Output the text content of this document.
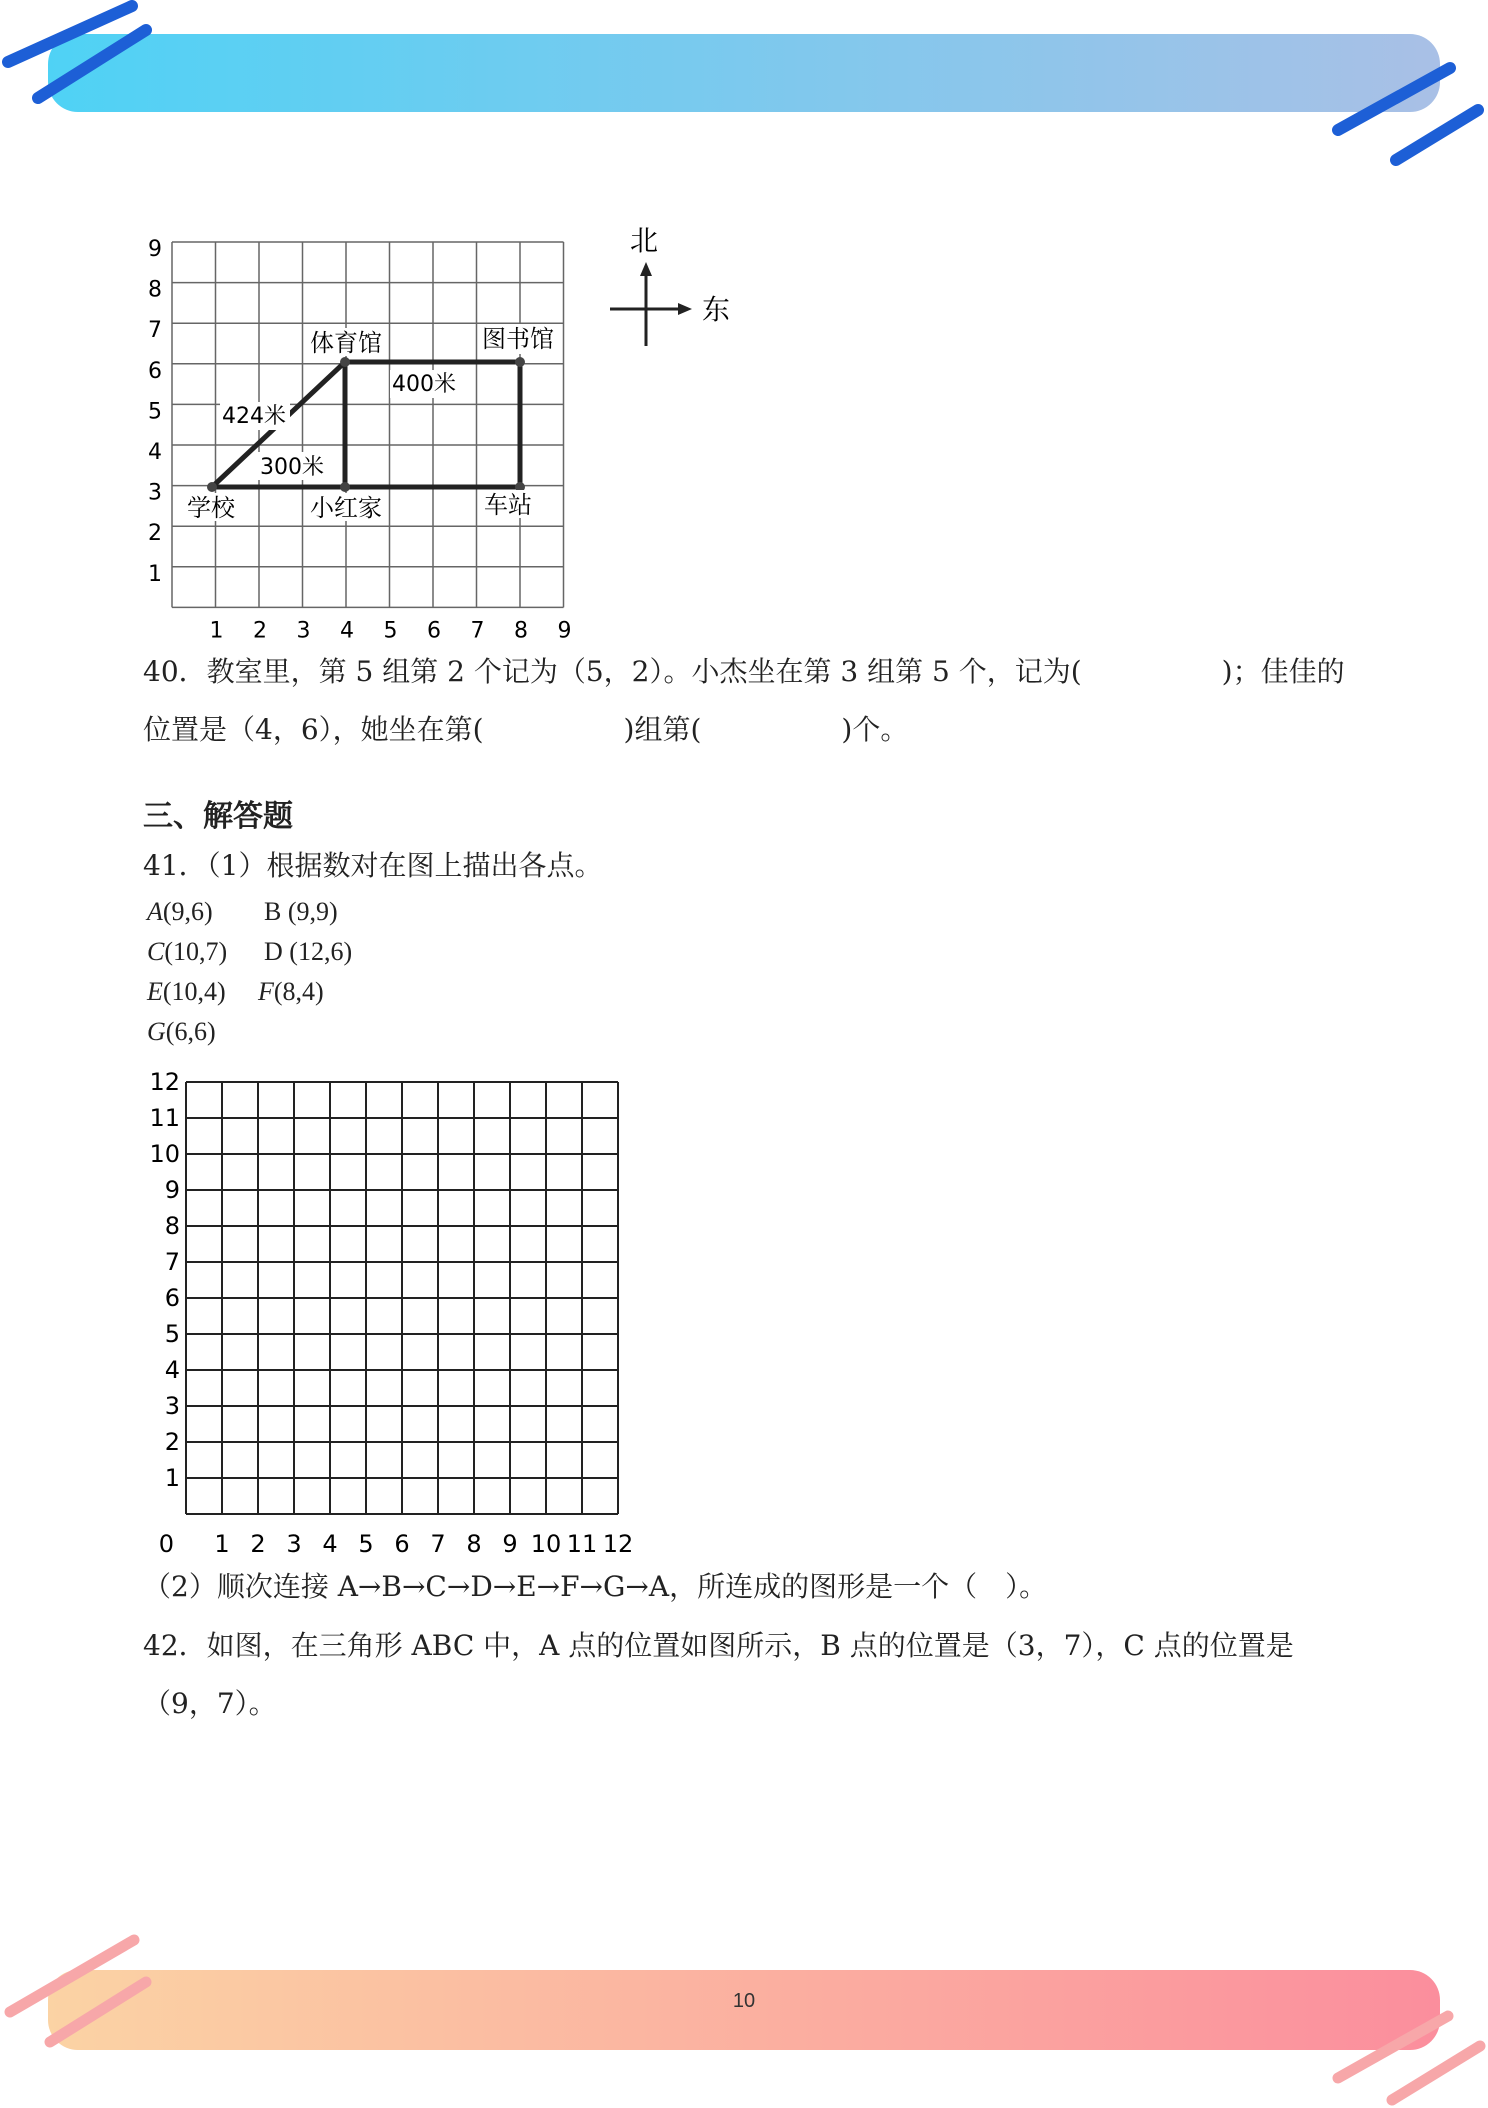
1
2
3
4
5
6
7
8
9
1 2 3 4 5 6 7 8 9
体育馆	图书馆
400米
424米
300米
学校	小红家	车站
北
东
40．教室里，第 5 组第 2 个记为（5，2）。小杰坐在第 3 组第 5 个，记为(　　　　　)；佳佳的
位置是（4，6），她坐在第(　　　　　)组第(　　　　　)个。
三、解答题
41．（1）根据数对在图上描出各点。
A(9,6) B (9,9)
C(10,7) D (12,6)
E(10,4) F(8,4)
G(6,6)
1
2
3
4
5
6
7
8
9
10
11
12
0 1 2 3 4 5 6 7 8 9 10 11 12
（2）顺次连接 A→B→C→D→E→F→G→A，所连成的图形是一个（　）。
42．如图，在三角形 ABC 中，A 点的位置如图所示，B 点的位置是（3，7），C 点的位置是
（9，7）。
10
